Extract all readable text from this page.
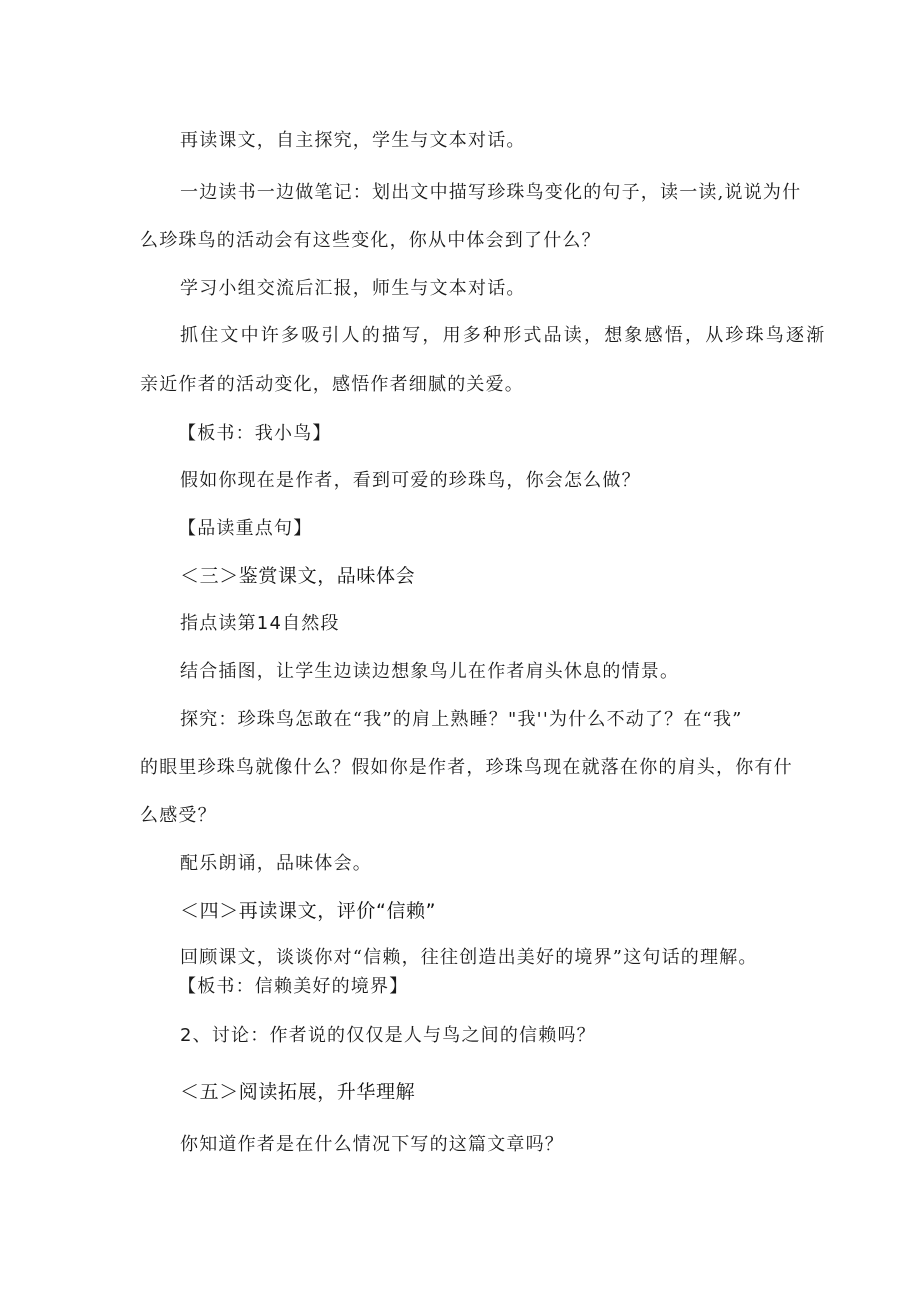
再读课文，自主探究，学生与文本对话。
一边读书一边做笔记：划出文中描写珍珠鸟变化的句子，读一读,说说为什
么珍珠鸟的活动会有这些变化，你从中体会到了什么？
学习小组交流后汇报，师生与文本对话。
抓住文中许多吸引人的描写，用多种形式品读，想象感悟，从珍珠鸟逐渐
亲近作者的活动变化，感悟作者细腻的关爱。
【板书：我小鸟】
假如你现在是作者，看到可爱的珍珠鸟，你会怎么做？
【品读重点句】
＜三＞鉴赏课文，品味体会
指点读第14自然段
结合插图，让学生边读边想象鸟儿在作者肩头休息的情景。
探究：珍珠鸟怎敢在“我”的肩上熟睡？"我''为什么不动了？在“我”
的眼里珍珠鸟就像什么？假如你是作者，珍珠鸟现在就落在你的肩头，你有什
么感受？
配乐朗诵，品味体会。
＜四＞再读课文，评价“信赖”
回顾课文，谈谈你对“信赖，往往创造出美好的境界”这句话的理解。
【板书：信赖美好的境界】
2、讨论：作者说的仅仅是人与鸟之间的信赖吗？
＜五＞阅读拓展，升华理解
你知道作者是在什么情况下写的这篇文章吗？
